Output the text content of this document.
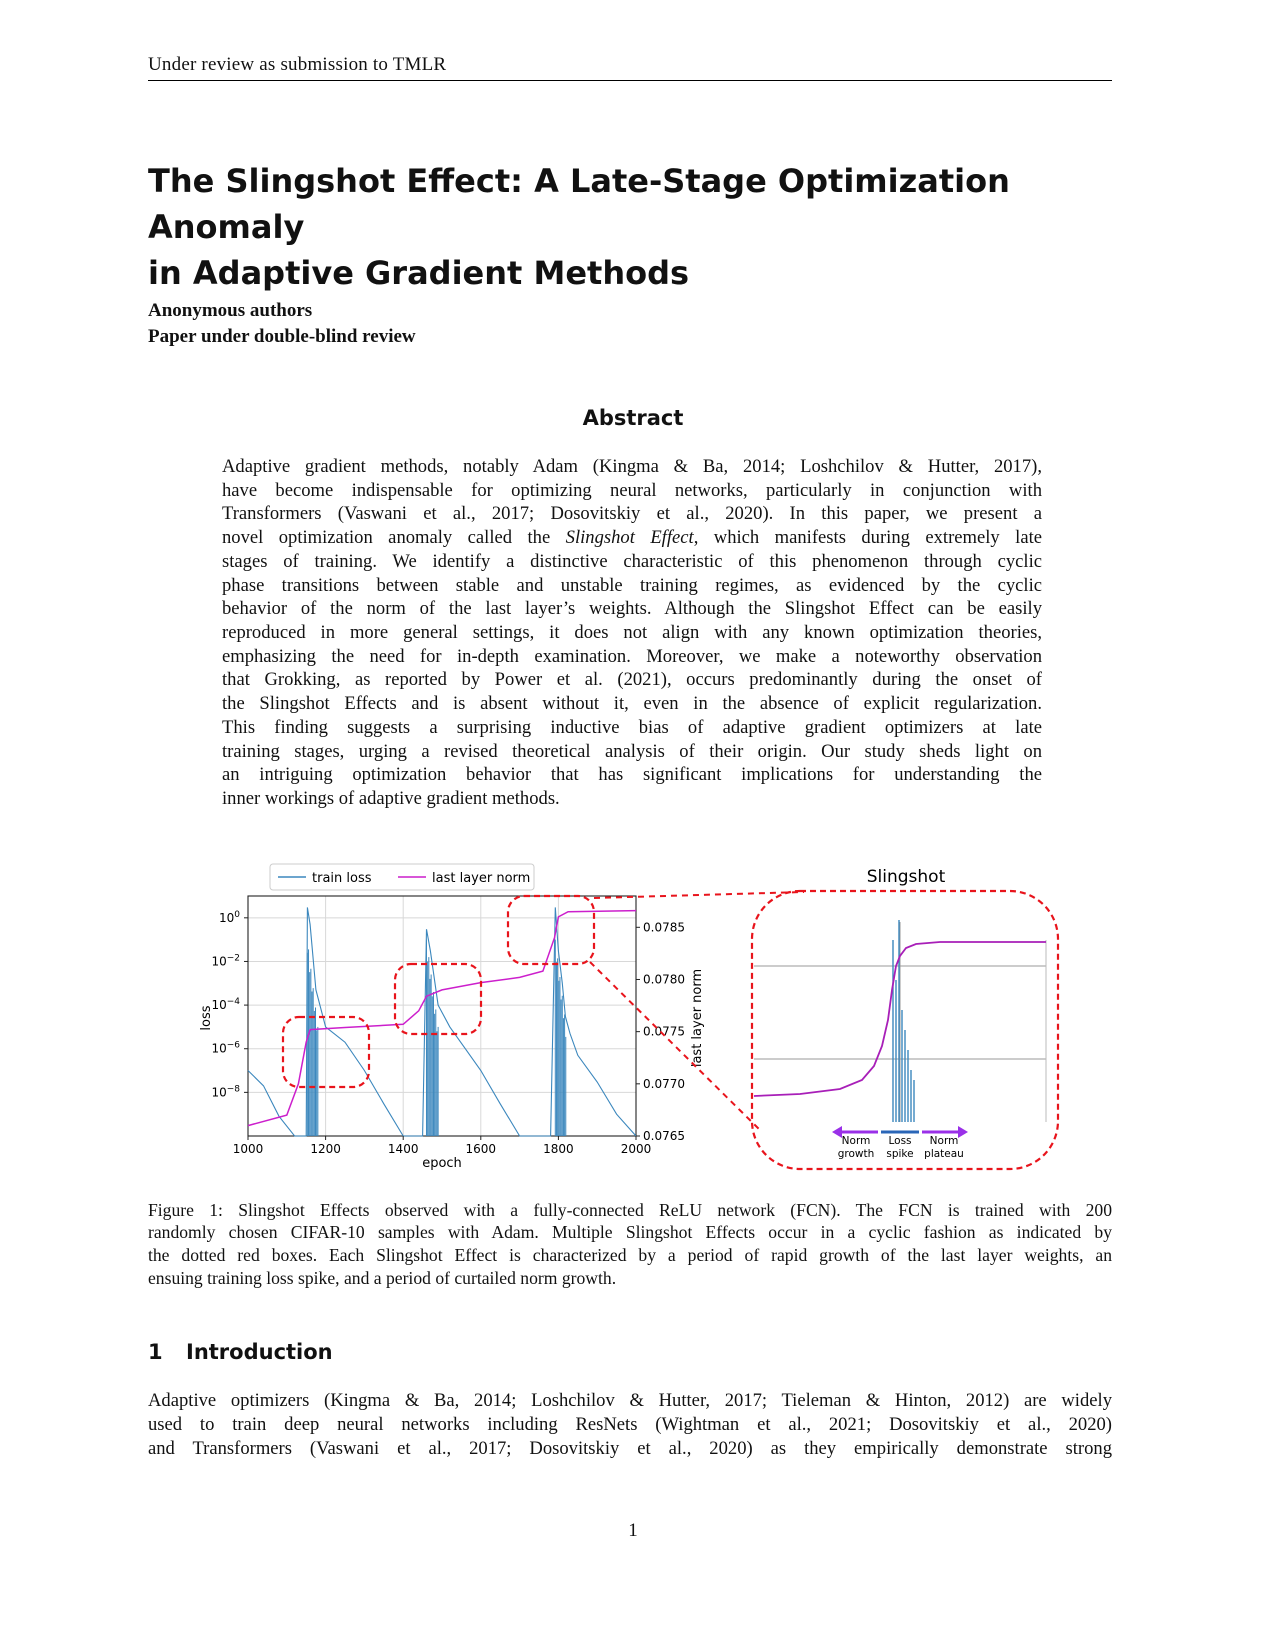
Under review as submission to TMLR
The Slingshot Effect: A Late-Stage Optimization Anomaly
in Adaptive Gradient Methods
Anonymous authors
Paper under double-blind review
Abstract
Adaptive gradient methods, notably Adam (Kingma & Ba, 2014; Loshchilov & Hutter, 2017),
have become indispensable for optimizing neural networks, particularly in conjunction with
Transformers (Vaswani et al., 2017; Dosovitskiy et al., 2020). In this paper, we present a
novel optimization anomaly called the Slingshot Effect, which manifests during extremely late
stages of training. We identify a distinctive characteristic of this phenomenon through cyclic
phase transitions between stable and unstable training regimes, as evidenced by the cyclic
behavior of the norm of the last layer’s weights. Although the Slingshot Effect can be easily
reproduced in more general settings, it does not align with any known optimization theories,
emphasizing the need for in-depth examination. Moreover, we make a noteworthy observation
that Grokking, as reported by Power et al. (2021), occurs predominantly during the onset of
the Slingshot Effects and is absent without it, even in the absence of explicit regularization.
This finding suggests a surprising inductive bias of adaptive gradient optimizers at late
training stages, urging a revised theoretical analysis of their origin. Our study sheds light on
an intriguing optimization behavior that has significant implications for understanding the
inner workings of adaptive gradient methods.
train loss	last layer norm
1000	1200	1400	1600	1800	2000
$10^0$
$10^{-2}$
$10^{-4}$
$10^{-6}$
$10^{-8}$
0.0785
0.0780
0.0775
0.0770
0.0765
epoch
loss	last layer norm
Slingshot
Norm
growth
Loss
spike
Norm
plateau
Figure 1: Slingshot Effects observed with a fully-connected ReLU network (FCN). The FCN is trained with 200
randomly chosen CIFAR-10 samples with Adam. Multiple Slingshot Effects occur in a cyclic fashion as indicated by
the dotted red boxes. Each Slingshot Effect is characterized by a period of rapid growth of the last layer weights, an
ensuing training loss spike, and a period of curtailed norm growth.
1 Introduction
Adaptive optimizers (Kingma & Ba, 2014; Loshchilov & Hutter, 2017; Tieleman & Hinton, 2012) are widely
used to train deep neural networks including ResNets (Wightman et al., 2021; Dosovitskiy et al., 2020)
and Transformers (Vaswani et al., 2017; Dosovitskiy et al., 2020) as they empirically demonstrate strong
1
